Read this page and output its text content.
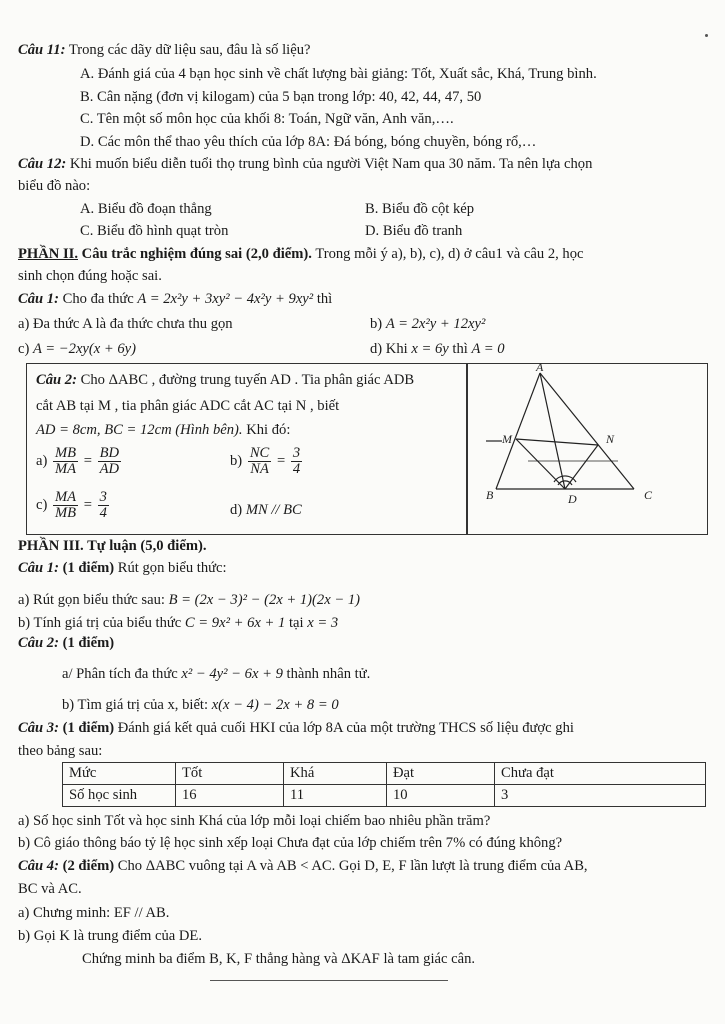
Câu 11: Trong các dãy dữ liệu sau, đâu là số liệu?
A. Đánh giá của 4 bạn học sinh về chất lượng bài giảng: Tốt, Xuất sắc, Khá, Trung bình.
B. Cân nặng (đơn vị kilogam) của 5 bạn trong lớp: 40, 42, 44, 47, 50
C. Tên một số môn học của khối 8: Toán, Ngữ văn, Anh văn,….
D. Các môn thể thao yêu thích của lớp 8A: Đá bóng, bóng chuyền, bóng rổ,…
Câu 12: Khi muốn biểu diễn tuổi thọ trung bình của người Việt Nam qua 30 năm. Ta nên lựa chọn
biểu đồ nào:
A. Biểu đồ đoạn thẳng	B. Biểu đồ cột kép
C. Biểu đồ hình quạt tròn	D. Biểu đồ tranh
PHẦN II. Câu trắc nghiệm đúng sai (2,0 điểm). Trong mỗi ý a), b), c), d) ở câu1 và câu 2, học
sinh chọn đúng hoặc sai.
Câu 1: Cho đa thức A = 2x²y + 3xy² − 4x²y + 9xy² thì
a) Đa thức A là đa thức chưa thu gọn	b) A = 2x²y + 12xy²
c) A = −2xy(x + 6y)	d) Khi x = 6y thì A = 0
Câu 2: Cho ΔABC , đường trung tuyến AD . Tia phân giác ADB
cắt AB tại M , tia phân giác ADC cắt AC tại N , biết
AD = 8cm, BC = 12cm (Hình bên). Khi đó:
$a) \frac{MB}{MA} = \frac{BD}{AD}$	$b) \frac{NC}{NA} = \frac{3}{4}$
$c) \frac{MA}{MB} = \frac{3}{4}$	d) MN // BC
A
M	N
B	D	C
PHẦN III. Tự luận (5,0 điểm).
Câu 1: (1 điểm) Rút gọn biểu thức:
a) Rút gọn biểu thức sau: B = (2x − 3)² − (2x + 1)(2x − 1)
b) Tính giá trị của biểu thức C = 9x² + 6x + 1 tại x = 3
Câu 2: (1 điểm)
a/ Phân tích đa thức x² − 4y² − 6x + 9 thành nhân tử.
b) Tìm giá trị của x, biết: x(x − 4) − 2x + 8 = 0
Câu 3: (1 điểm) Đánh giá kết quả cuối HKI của lớp 8A của một trường THCS số liệu được ghi
theo bảng sau:
Mức	Tốt	Khá	Đạt	Chưa đạt
Số học sinh	16	11	10	3
a) Số học sinh Tốt và học sinh Khá của lớp mỗi loại chiếm bao nhiêu phần trăm?
b) Cô giáo thông báo tỷ lệ học sinh xếp loại Chưa đạt của lớp chiếm trên 7% có đúng không?
Câu 4: (2 điểm) Cho ΔABC vuông tại A và AB < AC. Gọi D, E, F lần lượt là trung điểm của AB,
BC và AC.
a) Chưng minh: EF // AB.
b) Gọi K là trung điểm của DE.
Chứng minh ba điểm B, K, F thẳng hàng và ΔKAF là tam giác cân.
